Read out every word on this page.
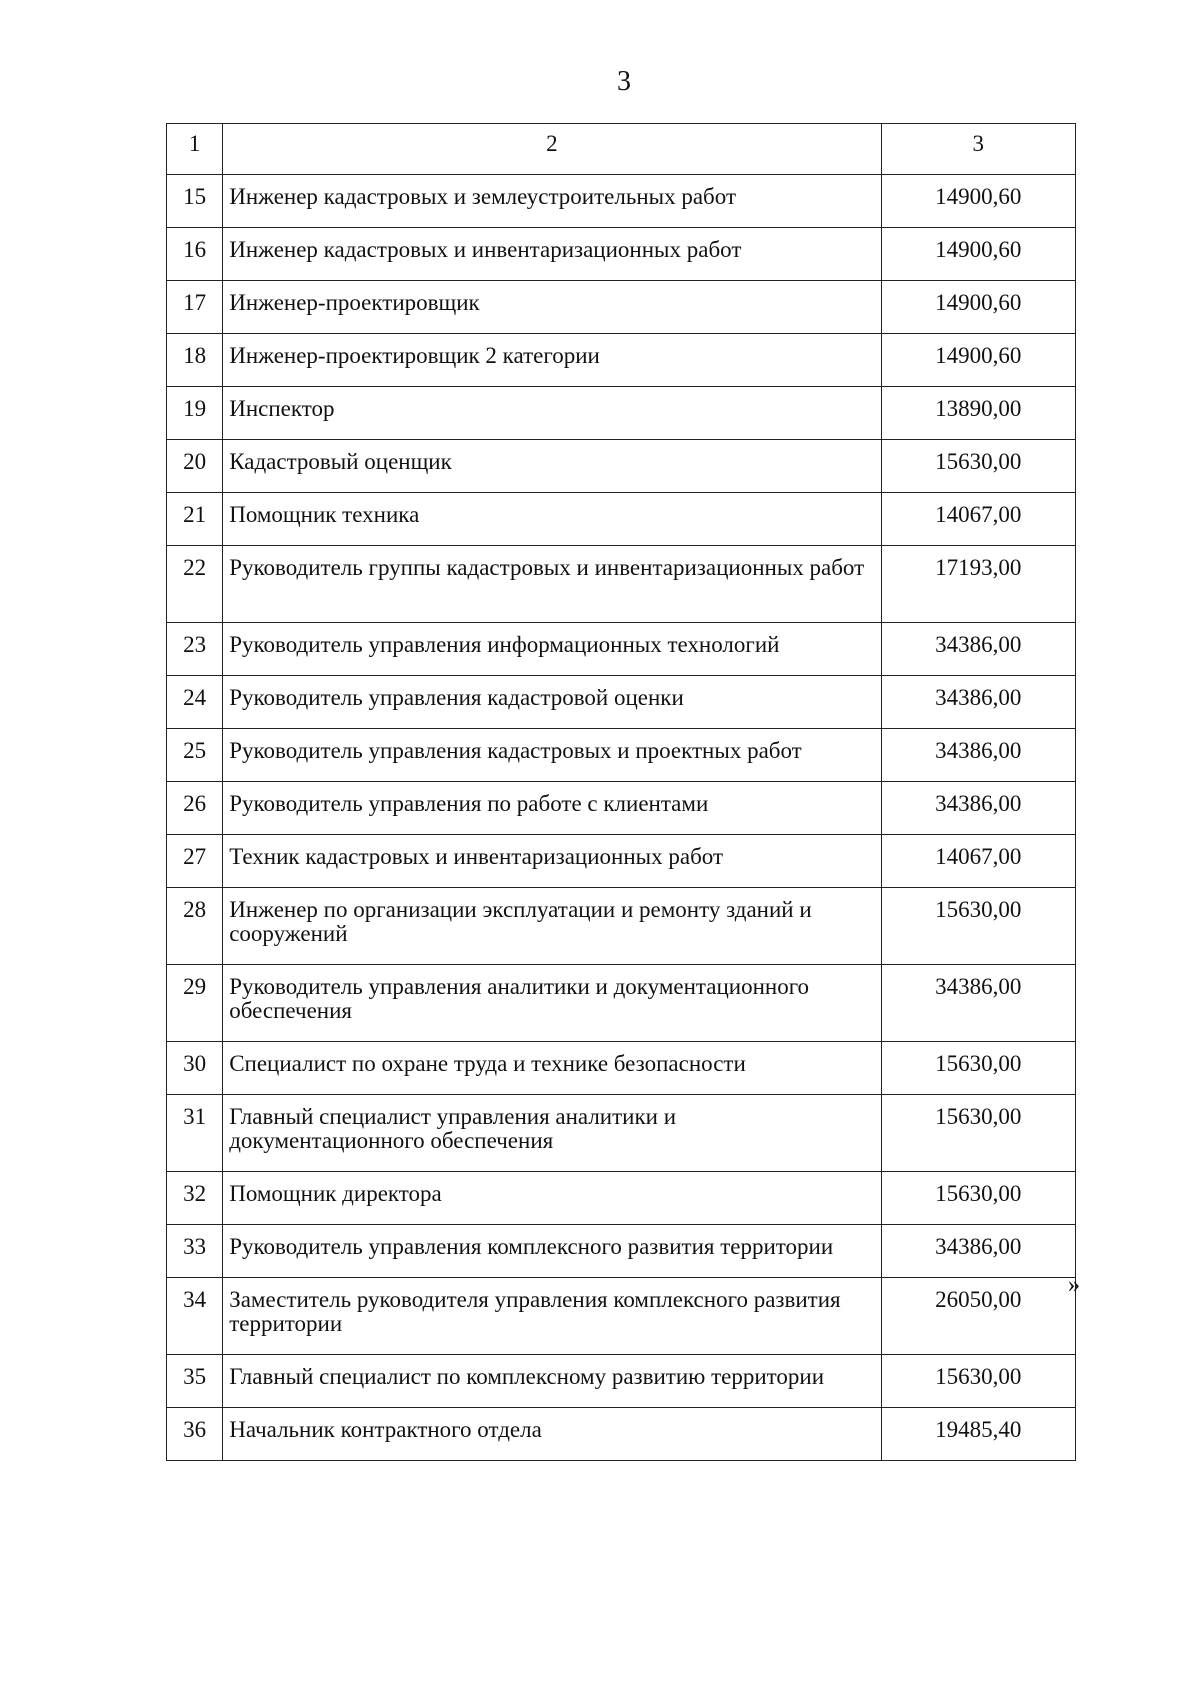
3
1	2	3
15	Инженер кадастровых и землеустроительных работ	14900,60
16	Инженер кадастровых и инвентаризационных работ	14900,60
17	Инженер-проектировщик	14900,60
18	Инженер-проектировщик 2 категории	14900,60
19	Инспектор	13890,00
20	Кадастровый оценщик	15630,00
21	Помощник техника	14067,00
22	Руководитель группы кадастровых и инвентаризационных работ	17193,00
23	Руководитель управления информационных технологий	34386,00
24	Руководитель управления кадастровой оценки	34386,00
25	Руководитель управления кадастровых и проектных работ	34386,00
26	Руководитель управления по работе с клиентами	34386,00
27	Техник кадастровых и инвентаризационных работ	14067,00
28	Инженер по организации эксплуатации и ремонту зданий и сооружений	15630,00
29	Руководитель управления аналитики и документационного обеспечения	34386,00
30	Специалист по охране труда и технике безопасности	15630,00
31	Главный специалист управления аналитики и документационного обеспечения	15630,00
32	Помощник директора	15630,00
33	Руководитель управления комплексного развития территории	34386,00
34	Заместитель руководителя управления комплексного развития территории	26050,00
35	Главный специалист по комплексному развитию территории	15630,00
36	Начальник контрактного отдела	19485,40
»
